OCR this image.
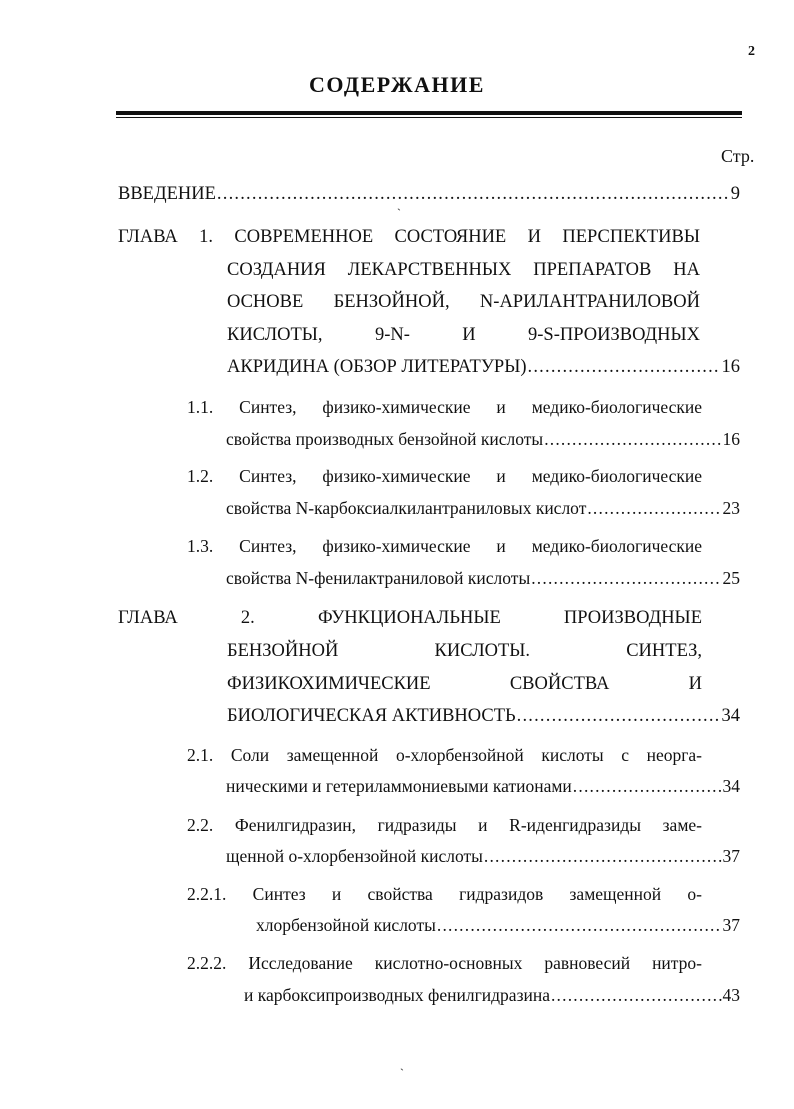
2
СОДЕРЖАНИЕ
Стр.
ВВЕДЕНИЕ .....	9
`
ГЛАВА 1. СОВРЕМЕННОЕ СОСТОЯНИЕ И ПЕРСПЕКТИВЫ
СОЗДАНИЯ ЛЕКАРСТВЕННЫХ ПРЕПАРАТОВ НА
ОСНОВЕ БЕНЗОЙНОЙ, N-АРИЛАНТРАНИЛОВОЙ
КИСЛОТЫ, 9-N- И 9-S-ПРОИЗВОДНЫХ
АКРИДИНА (ОБЗОР ЛИТЕРАТУРЫ) .....	16
1.1. Синтез, физико-химические и медико-биологические
свойства производных бензойной кислоты .....	16
1.2. Синтез, физико-химические и медико-биологические
свойства N-карбоксиалкилантраниловых кислот .....	23
1.3. Синтез, физико-химические и медико-биологические
свойства N-фенилактраниловой кислоты .....	25
ГЛАВА 2. ФУНКЦИОНАЛЬНЫЕ ПРОИЗВОДНЫЕ
БЕНЗОЙНОЙ КИСЛОТЫ. СИНТЕЗ,
ФИЗИКОХИМИЧЕСКИЕ СВОЙСТВА И
БИОЛОГИЧЕСКАЯ АКТИВНОСТЬ .....	34
2.1. Соли замещенной o-хлорбензойной кислоты с неорга-
ническими и гетериламмониевыми катионами .....	34
2.2. Фенилгидразин, гидразиды и R-иденгидразиды заме-
щенной o-хлорбензойной кислоты .....	37
2.2.1. Синтез и свойства гидразидов замещенной o-
хлорбензойной кислоты .....	37
2.2.2. Исследование кислотно-основных равновесий нитро-
и карбоксипроизводных фенилгидразина .....	43
`
